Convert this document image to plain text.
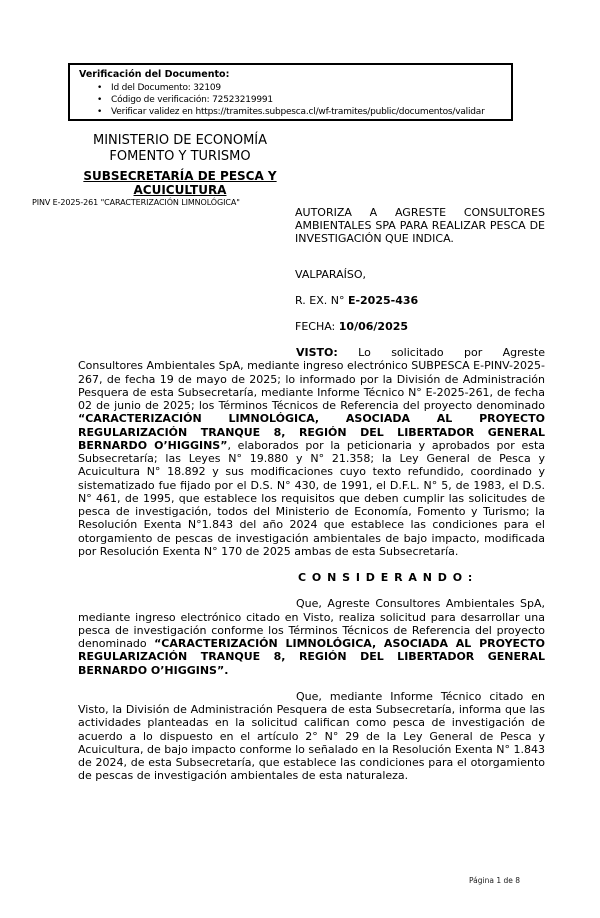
Verificación del Documento:
• Id del Documento: 32109
• Código de verificación: 72523219991
• Verificar validez en https://tramites.subpesca.cl/wf-tramites/public/documentos/validar
MINISTERIO DE ECONOMÍA
FOMENTO Y TURISMO
SUBSECRETARÍA DE PESCA Y
ACUICULTURA
PINV E-2025-261 "CARACTERIZACIÓN LIMNOLÓGICA"
AUTORIZA A AGRESTE CONSULTORES AMBIENTALES SPA PARA REALIZAR PESCA DE INVESTIGACIÓN QUE INDICA.
VALPARAÍSO,
R. EX. N° E-2025-436
FECHA: 10/06/2025

VISTO: Lo solicitado por Agreste Consultores Ambientales SpA, mediante ingreso electrónico SUBPESCA E-PINV-2025-267, de fecha 19 de mayo de 2025; lo informado por la División de Administración Pesquera de esta Subsecretaría, mediante Informe Técnico N° E-2025-261, de fecha 02 de junio de 2025; los Términos Técnicos de Referencia del proyecto denominado “CARACTERIZACIÓN LIMNOLÓGICA, ASOCIADA AL PROYECTO REGULARIZACIÓN TRANQUE 8, REGIÓN DEL LIBERTADOR GENERAL BERNARDO O’HIGGINS”, elaborados por la peticionaria y aprobados por esta Subsecretaría; las Leyes N° 19.880 y N° 21.358; la Ley General de Pesca y Acuicultura N° 18.892 y sus modificaciones cuyo texto refundido, coordinado y sistematizado fue fijado por el D.S. N° 430, de 1991, el D.F.L. N° 5, de 1983, el D.S. N° 461, de 1995, que establece los requisitos que deben cumplir las solicitudes de pesca de investigación, todos del Ministerio de Economía, Fomento y Turismo; la Resolución Exenta N°1.843 del año 2024 que establece las condiciones para el otorgamiento de pescas de investigación ambientales de bajo impacto, modificada por Resolución Exenta N° 170 de 2025 ambas de esta Subsecretaría.

C O N S I D E R A N D O :

Que, Agreste Consultores Ambientales SpA, mediante ingreso electrónico citado en Visto, realiza solicitud para desarrollar una pesca de investigación conforme los Términos Técnicos de Referencia del proyecto denominado “CARACTERIZACIÓN LIMNOLÓGICA, ASOCIADA AL PROYECTO REGULARIZACIÓN TRANQUE 8, REGIÓN DEL LIBERTADOR GENERAL BERNARDO O’HIGGINS”.

Que, mediante Informe Técnico citado en Visto, la División de Administración Pesquera de esta Subsecretaría, informa que las actividades planteadas en la solicitud califican como pesca de investigación de acuerdo a lo dispuesto en el artículo 2° N° 29 de la Ley General de Pesca y Acuicultura, de bajo impacto conforme lo señalado en la Resolución Exenta N° 1.843 de 2024, de esta Subsecretaría, que establece las condiciones para el otorgamiento de pescas de investigación ambientales de esta naturaleza.

Página 1 de 8
